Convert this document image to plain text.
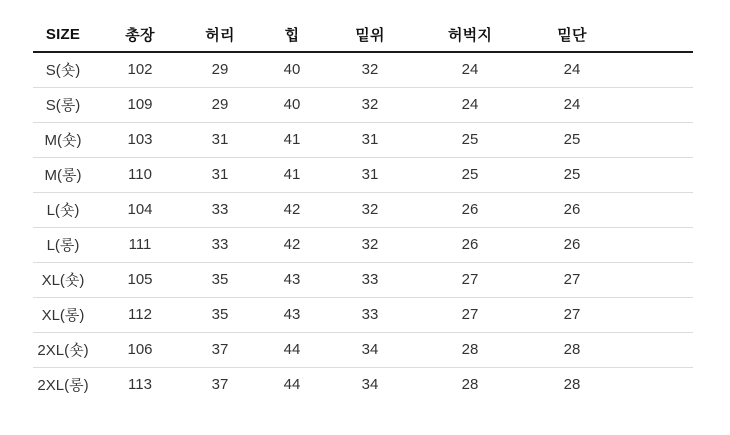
SIZE	총장	허리	힙	밑위	허벅지	밑단	
S(숏)	102	29	40	32	24	24	
S(롱)	109	29	40	32	24	24	
M(숏)	103	31	41	31	25	25	
M(롱)	110	31	41	31	25	25	
L(숏)	104	33	42	32	26	26	
L(롱)	111	33	42	32	26	26	
XL(숏)	105	35	43	33	27	27	
XL(롱)	112	35	43	33	27	27	
2XL(숏)	106	37	44	34	28	28	
2XL(롱)	113	37	44	34	28	28	
